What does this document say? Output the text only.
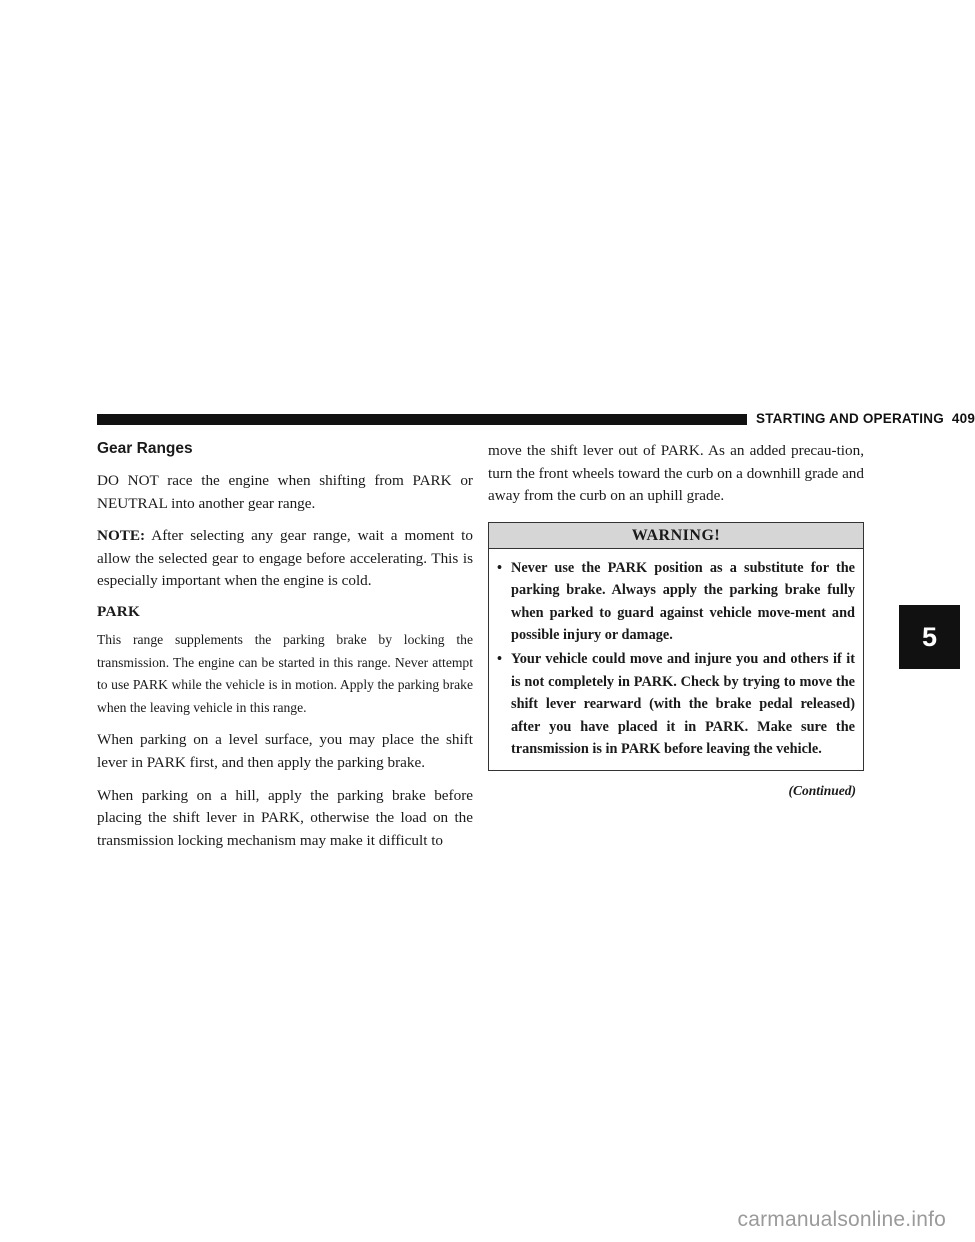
STARTING AND OPERATING 409
Gear Ranges

DO NOT race the engine when shifting from PARK or NEUTRAL into another gear range.

NOTE: After selecting any gear range, wait a moment to allow the selected gear to engage before accelerating. This is especially important when the engine is cold.

PARK

This range supplements the parking brake by locking the transmission. The engine can be started in this range. Never attempt to use PARK while the vehicle is in motion. Apply the parking brake when the leaving vehicle in this range.

When parking on a level surface, you may place the shift lever in PARK first, and then apply the parking brake.

When parking on a hill, apply the parking brake before placing the shift lever in PARK, otherwise the load on the transmission locking mechanism may make it difficult to

move the shift lever out of PARK. As an added precau-tion, turn the front wheels toward the curb on a downhill grade and away from the curb on an uphill grade.

WARNING!
• Never use the PARK position as a substitute for the parking brake. Always apply the parking brake fully when parked to guard against vehicle move-ment and possible injury or damage.
• Your vehicle could move and injure you and others if it is not completely in PARK. Check by trying to move the shift lever rearward (with the brake pedal released) after you have placed it in PARK. Make sure the transmission is in PARK before leaving the vehicle.
(Continued)
5
carmanualsonline.info
